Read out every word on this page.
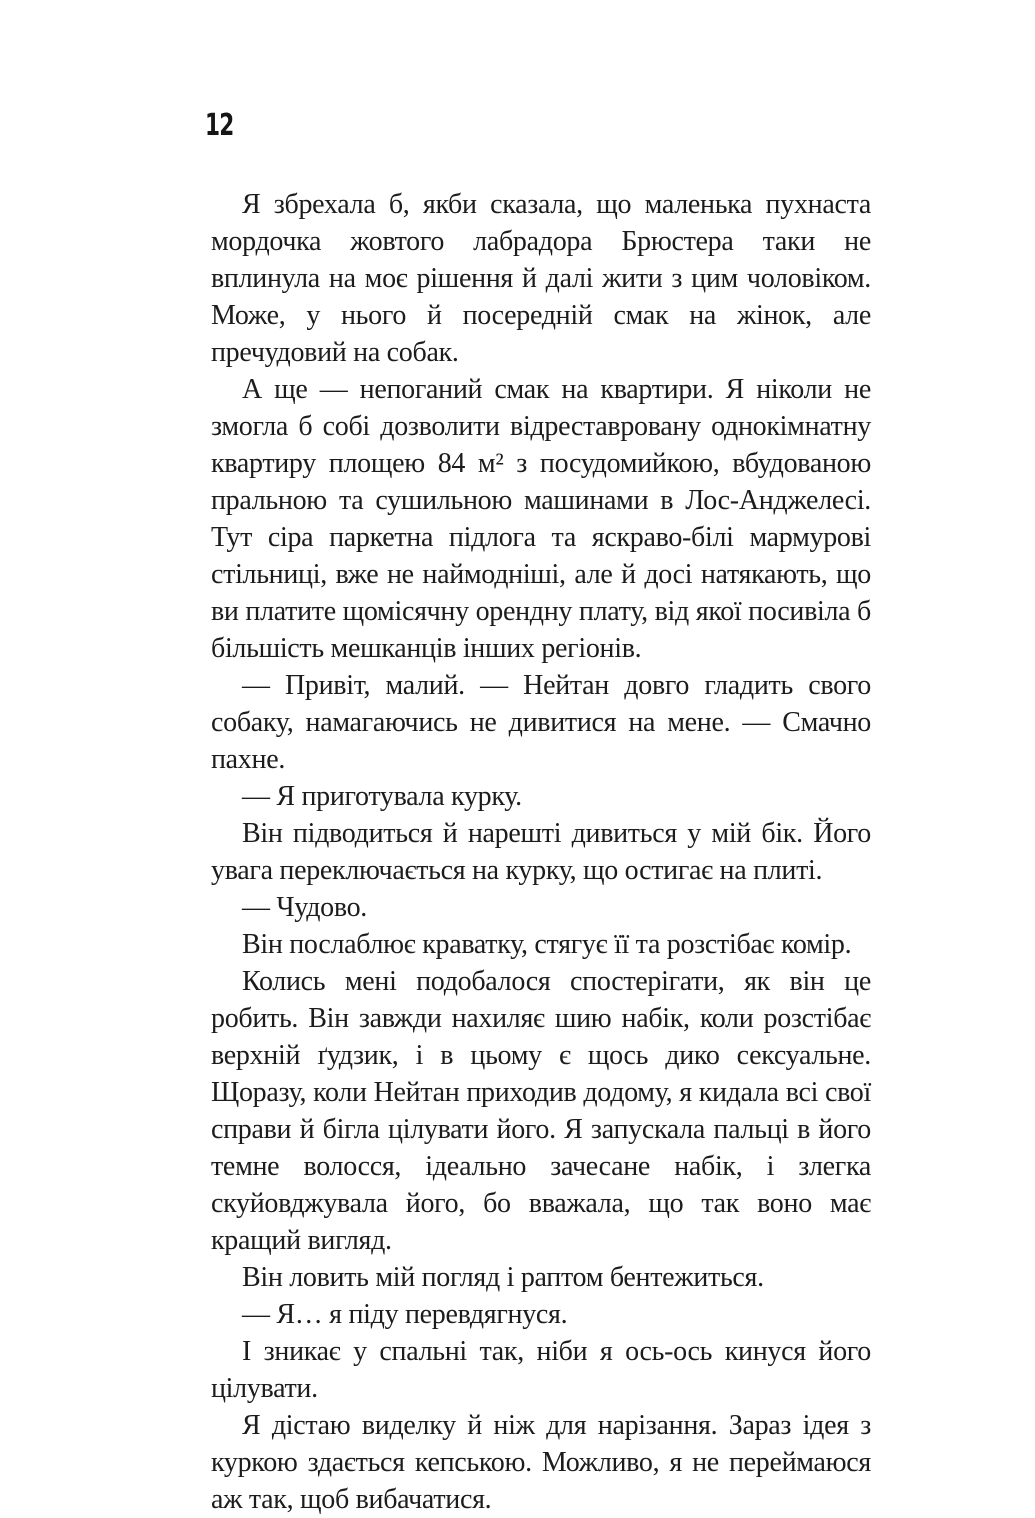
12

Я збрехала б, якби сказала, що маленька пухнаста мордочка жовтого лабрадора Брюстера таки не вплинула на моє рішення й далі жити з цим чоловіком. Може, у нього й посередній смак на жінок, але пречудовий на собак.

А ще — непоганий смак на квартири. Я ніколи не змогла б собі дозволити відреставровану однокімнатну квартиру площею 84 м² з посудомийкою, вбудованою пральною та сушильною машинами в Лос-Анджелесі. Тут сіра паркетна підлога та яскраво-білі мармурові стільниці, вже не наймодніші, але й досі натякають, що ви платите щомісячну орендну плату, від якої посивіла б більшість мешканців інших регіонів.

— Привіт, малий. — Нейтан довго гладить свого собаку, намагаючись не дивитися на мене. — Смачно пахне.

— Я приготувала курку.

Він підводиться й нарешті дивиться у мій бік. Його увага переключається на курку, що остигає на плиті.

— Чудово.

Він послаблює краватку, стягує її та розстібає комір.

Колись мені подобалося спостерігати, як він це робить. Він завжди нахиляє шию набік, коли розстібає верхній ґудзик, і в цьому є щось дико сексуальне. Щоразу, коли Нейтан приходив додому, я кидала всі свої справи й бігла цілувати його. Я запускала пальці в його темне волосся, ідеально зачесане набік, і злегка скуйовджувала його, бо вважала, що так воно має кращий вигляд.

Він ловить мій погляд і раптом бентежиться.

— Я… я піду перевдягнуся.

І зникає у спальні так, ніби я ось-ось кинуся його цілувати.

Я дістаю виделку й ніж для нарізання. Зараз ідея з куркою здається кепською. Можливо, я не переймаюся аж так, щоб вибачатися.
